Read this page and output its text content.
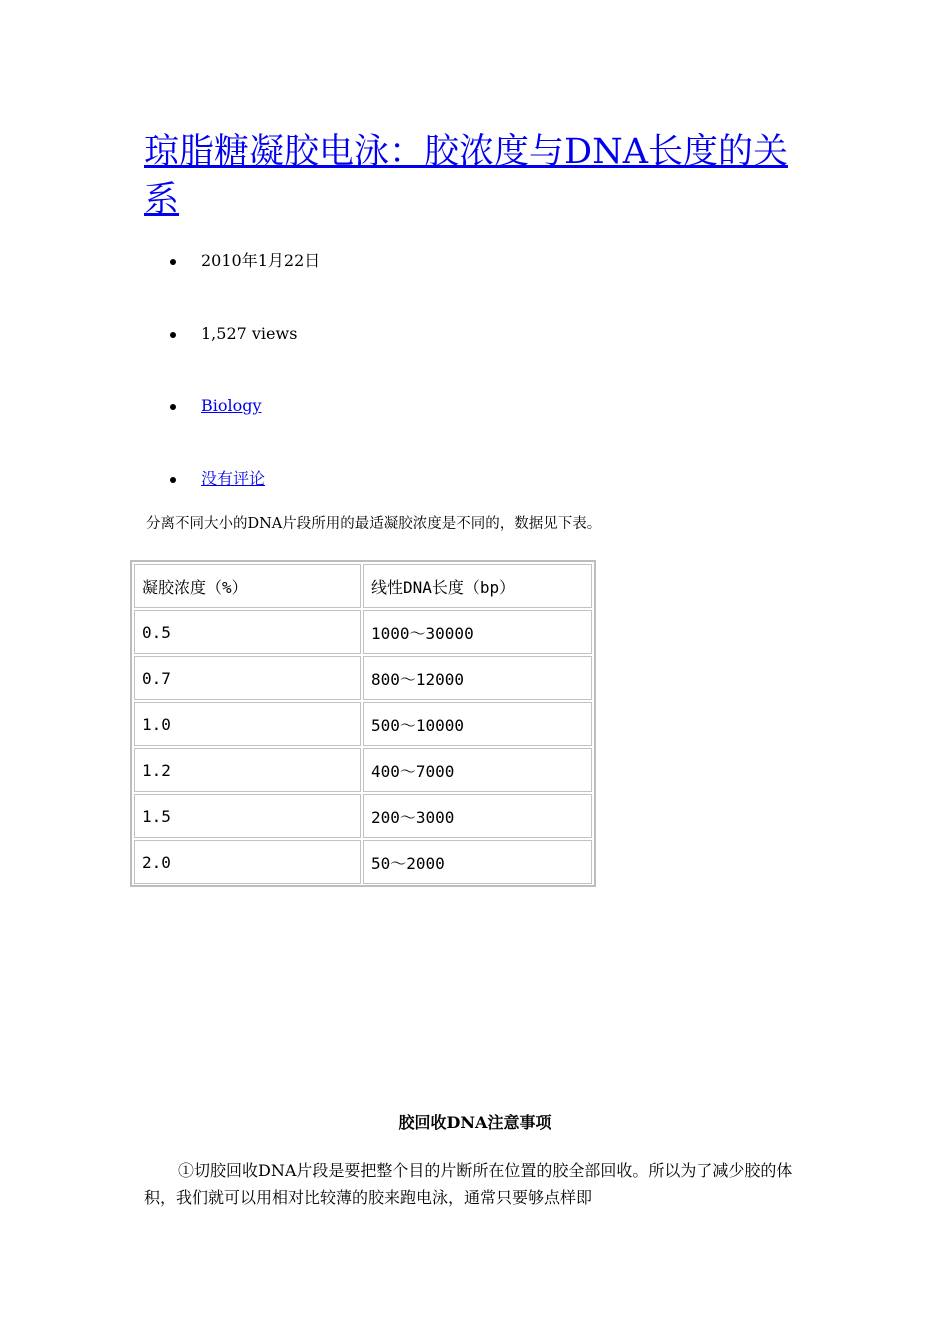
琼脂糖凝胶电泳：胶浓度与DNA长度的关系
2010年1月22日
1,527 views
Biology
没有评论

分离不同大小的DNA片段所用的最适凝胶浓度是不同的，数据见下表。

凝胶浓度（%）	线性DNA长度（bp）
0.5	1000～30000
0.7	800～12000
1.0	500～10000
1.2	400～7000
1.5	200～3000
2.0	50～2000

胶回收DNA注意事项

①切胶回收DNA片段是要把整个目的片断所在位置的胶全部回收。所以为了减少胶的体积，我们就可以用相对比较薄的胶来跑电泳，通常只要够点样即
